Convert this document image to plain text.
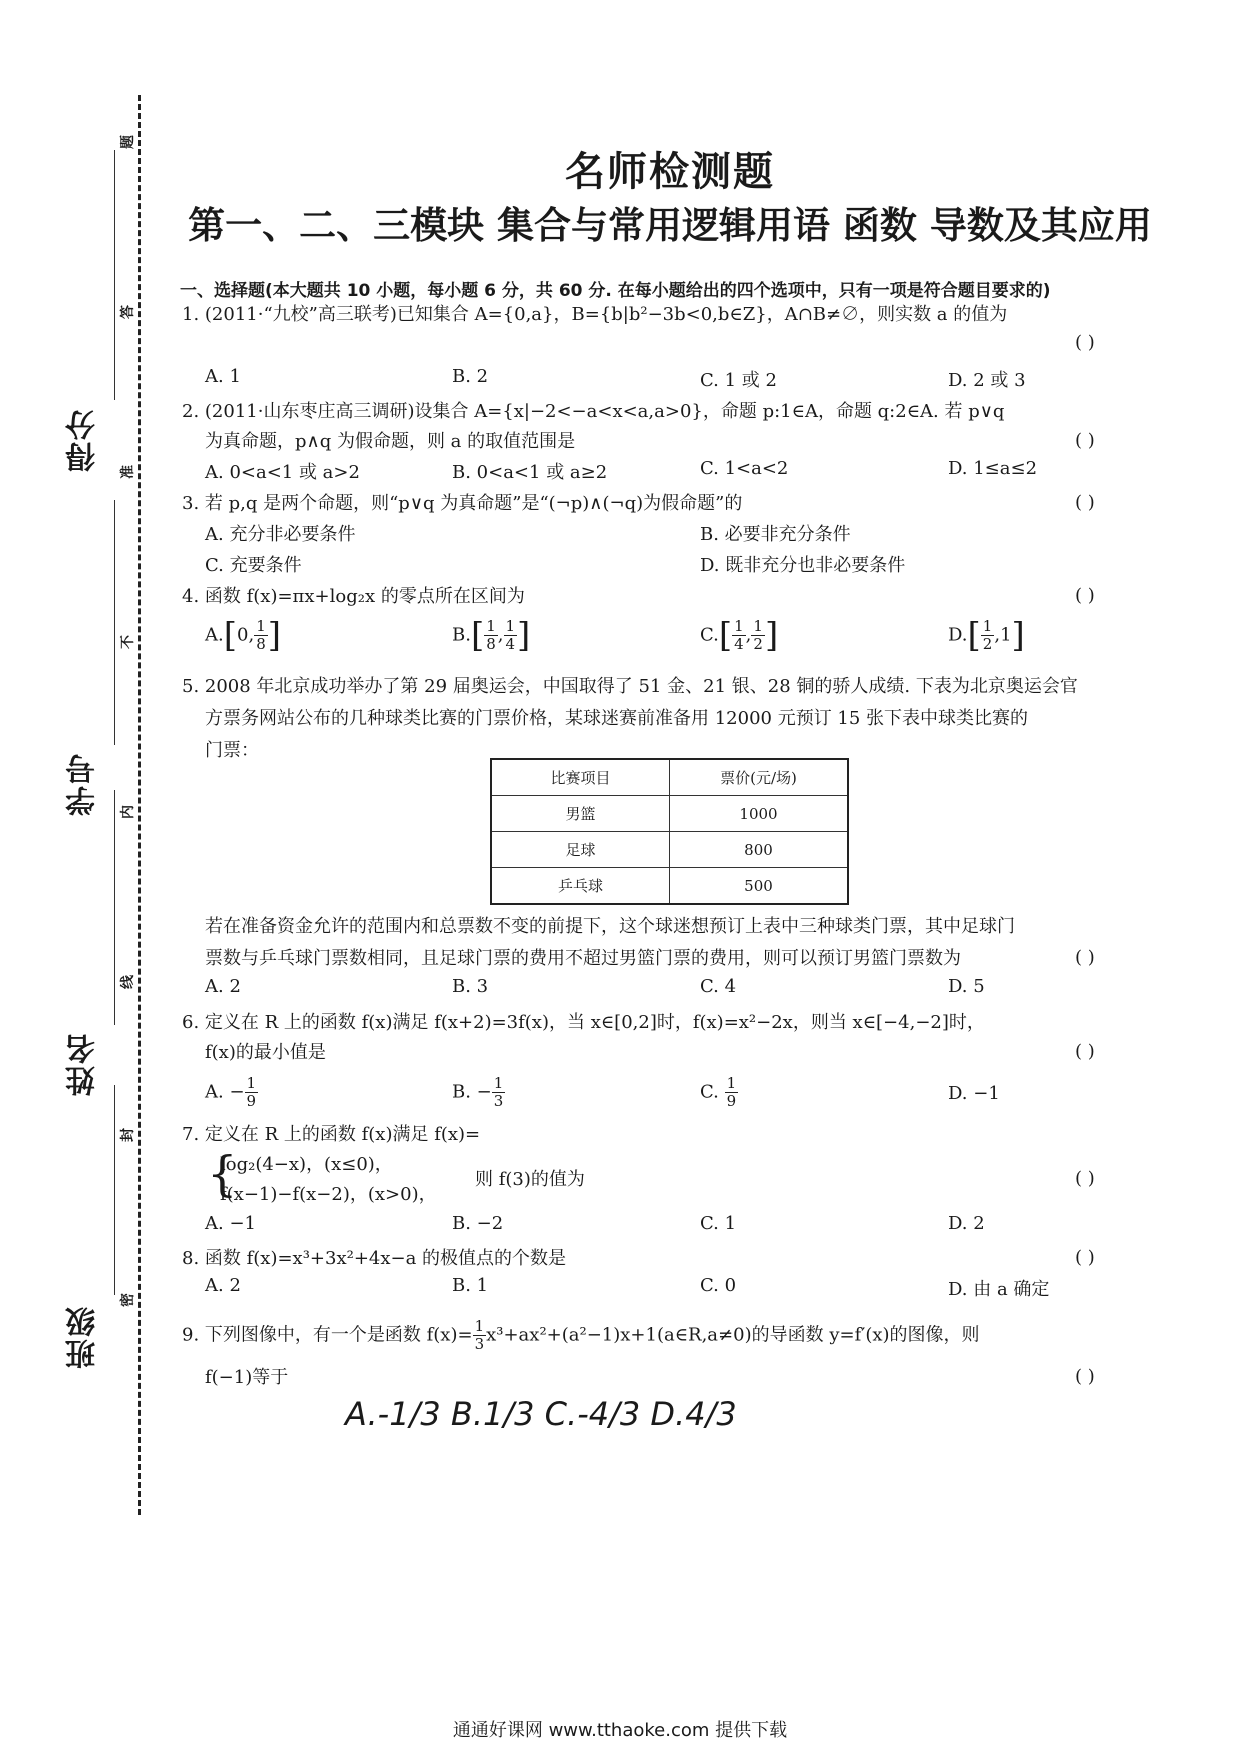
题
答
准
不
内
线
封
密
得分
学号
姓名
班级
名师检测题
第一、二、三模块 集合与常用逻辑用语 函数 导数及其应用
一、选择题(本大题共 10 小题，每小题 6 分，共 60 分. 在每小题给出的四个选项中，只有一项是符合题目要求的)
1. (2011·“九校”高三联考)已知集合 A={0,a}，B={b|b²−3b<0,b∈Z}，A∩B≠∅，则实数 a 的值为
( )
A. 1	B. 2	C. 1 或 2	D. 2 或 3
2. (2011·山东枣庄高三调研)设集合 A={x|−2<−a<x<a,a>0}，命题 p:1∈A，命题 q:2∈A. 若 p∨q
为真命题，p∧q 为假命题，则 a 的取值范围是	( )
A. 0<a<1 或 a>2	B. 0<a<1 或 a≥2	C. 1<a<2	D. 1≤a≤2
3. 若 p,q 是两个命题，则“p∨q 为真命题”是“(¬p)∧(¬q)为假命题”的	( )
A. 充分非必要条件	B. 必要非充分条件
C. 充要条件	D. 既非充分也非必要条件
4. 函数 f(x)=πx+log₂x 的零点所在区间为	( )
A.[0, $\frac{1}{8}$ ]	$B.[ \frac{1}{8}$ , $\frac{1}{4}$ ]	$C.[ \frac{1}{4}$ , $\frac{1}{2}$ ]	$D.[ \frac{1}{2} ,1]$
5. 2008 年北京成功举办了第 29 届奥运会，中国取得了 51 金、21 银、28 铜的骄人成绩. 下表为北京奥运会官
方票务网站公布的几种球类比赛的门票价格，某球迷赛前准备用 12000 元预订 15 张下表中球类比赛的
门票：
比赛项目	票价(元/场)
男篮	1000
足球	800
乒乓球	500
若在准备资金允许的范围内和总票数不变的前提下，这个球迷想预订上表中三种球类门票，其中足球门
票数与乒乓球门票数相同，且足球门票的费用不超过男篮门票的费用，则可以预订男篮门票数为	( )
A. 2	B. 3	C. 4	D. 5
6. 定义在 R 上的函数 f(x)满足 f(x+2)=3f(x)，当 x∈[0,2]时，f(x)=x²−2x，则当 x∈[−4,−2]时，
f(x)的最小值是	( )
A. − $\frac{1}{9}$	B. − $\frac{1}{3}$	C. $\frac{1}{9}$	D. −1
7. 定义在 R 上的函数 f(x)满足 f(x)=
{
log₂(4−x)，(x≤0)，
f(x−1)−f(x−2)，(x>0)，
则 f(3)的值为	( )
A. −1	B. −2	C. 1	D. 2
8. 函数 f(x)=x³+3x²+4x−a 的极值点的个数是	( )
A. 2	B. 1	C. 0	D. 由 a 确定
9. 下列图像中，有一个是函数 $f(x)= \frac{1}{3}$ x³+ax²+(a²−1)x+1(a∈R,a≠0)的导函数 y=f′(x)的图像，则
f(−1)等于	( )
A.-1/3 B.1/3 C.-4/3 D.4/3
通通好课网 www.tthaoke.com 提供下载
